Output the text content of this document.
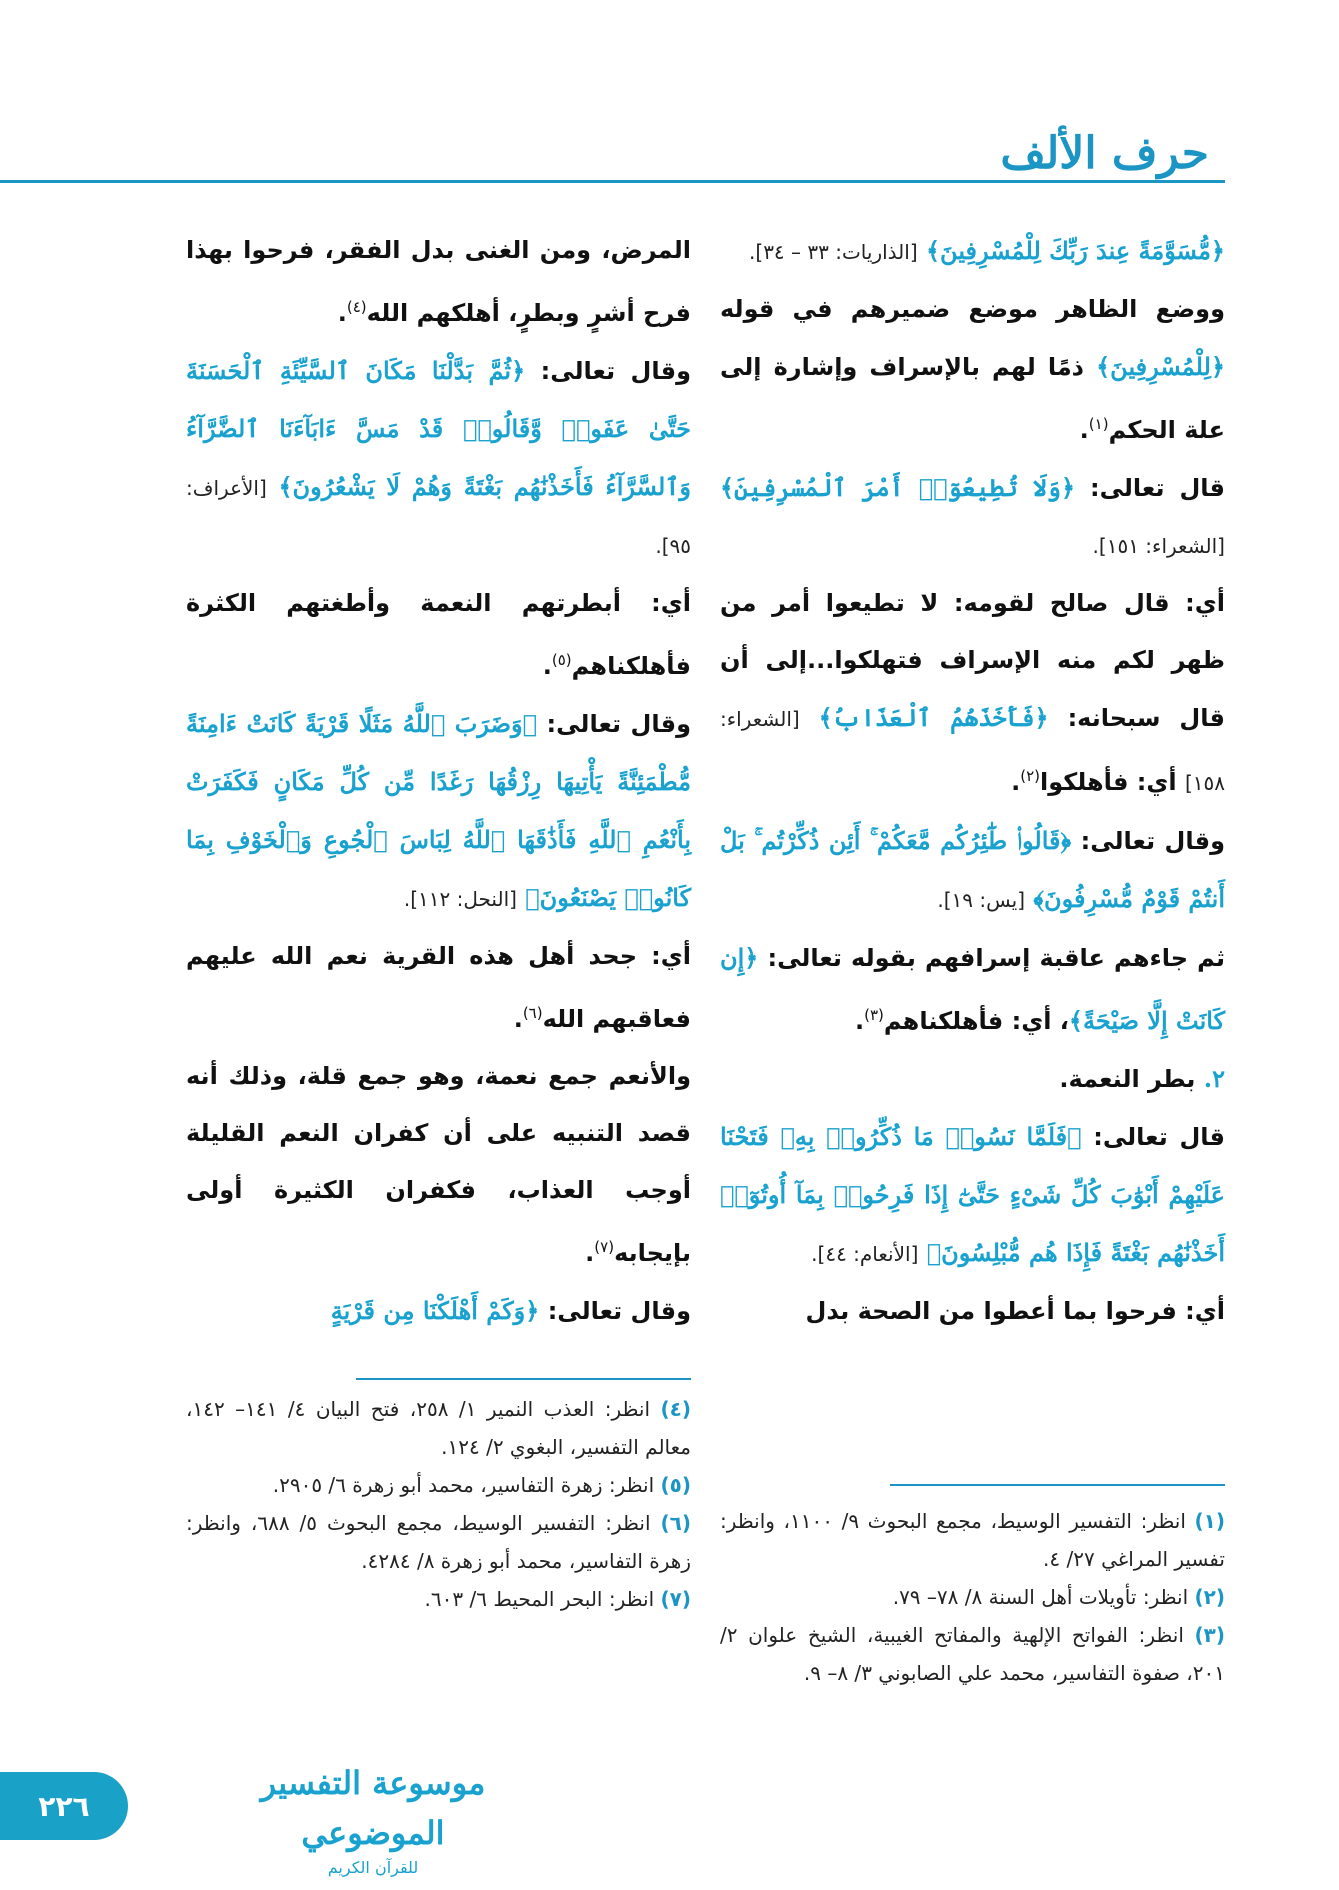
حرف الألف

﴿مُّسَوَّمَةً عِندَ رَبِّكَ لِلْمُسْرِفِينَ﴾ [الذاريات: ٣٣ – ٣٤].

ووضع الظاهر موضع ضميرهم في قوله ﴿لِلْمُسْرِفِينَ﴾ ذمًا لهم بالإسراف وإشارة إلى علة الحكم$^{(١)}$.

قال تعالى: ﴿وَلَا تُطِيعُوٓا۟ أَمْرَ ٱلْمُسْرِفِينَ﴾ [الشعراء: ١٥١].

أي: قال صالح لقومه: لا تطيعوا أمر من ظهر لكم منه الإسراف فتهلكوا...إلى أن قال سبحانه: ﴿فَأَخَذَهُمُ ٱلْعَذَابُ﴾ [الشعراء: ١٥٨] أي: فأهلكوا$^{(٢)}$.

وقال تعالى: ﴿قَالُوا۟ طَٰٓئِرُكُم مَّعَكُمْ ۚ أَئِن ذُكِّرْتُم ۚ بَلْ أَنتُمْ قَوْمٌ مُّسْرِفُونَ﴾ [يس: ١٩].

ثم جاءهم عاقبة إسرافهم بقوله تعالى: ﴿إِن كَانَتْ إِلَّا صَيْحَةً﴾، أي: فأهلكناهم$^{(٣)}$.

٢. بطر النعمة.

قال تعالى: ﴿فَلَمَّا نَسُوا۟ مَا ذُكِّرُوا۟ بِهِۦ فَتَحْنَا عَلَيْهِمْ أَبْوَٰبَ كُلِّ شَىْءٍ حَتَّىٰٓ إِذَا فَرِحُوا۟ بِمَآ أُوتُوٓا۟ أَخَذْنَٰهُم بَغْتَةً فَإِذَا هُم مُّبْلِسُونَ﴾ [الأنعام: ٤٤].

أي: فرحوا بما أعطوا من الصحة بدل

المرض، ومن الغنى بدل الفقر، فرحوا بهذا فرح أشرٍ وبطرٍ، أهلكهم الله$^{(٤)}$.

وقال تعالى: ﴿ثُمَّ بَدَّلْنَا مَكَانَ ٱلسَّيِّئَةِ ٱلْحَسَنَةَ حَتَّىٰ عَفَوا۟ وَّقَالُوا۟ قَدْ مَسَّ ءَابَآءَنَا ٱلضَّرَّآءُ وَٱلسَّرَّآءُ فَأَخَذْنَٰهُم بَغْتَةً وَهُمْ لَا يَشْعُرُونَ﴾ [الأعراف: ٩٥].

أي: أبطرتهم النعمة وأطغتهم الكثرة فأهلكناهم$^{(٥)}$.

وقال تعالى: ﴿وَضَرَبَ ٱللَّهُ مَثَلًا قَرْيَةً كَانَتْ ءَامِنَةً مُّطْمَئِنَّةً يَأْتِيهَا رِزْقُهَا رَغَدًا مِّن كُلِّ مَكَانٍ فَكَفَرَتْ بِأَنْعُمِ ٱللَّهِ فَأَذَٰقَهَا ٱللَّهُ لِبَاسَ ٱلْجُوعِ وَٱلْخَوْفِ بِمَا كَانُوا۟ يَصْنَعُونَ﴾ [النحل: ١١٢].

أي: جحد أهل هذه القرية نعم الله عليهم فعاقبهم الله$^{(٦)}$.

والأنعم جمع نعمة، وهو جمع قلة، وذلك أنه قصد التنبيه على أن كفران النعم القليلة أوجب العذاب، فكفران الكثيرة أولى بإيجابه$^{(٧)}$.

وقال تعالى: ﴿وَكَمْ أَهْلَكْنَا مِن قَرْيَةٍ

(٤) انظر: العذب النمير ١/ ٢٥٨، فتح البيان ٤/ ١٤١– ١٤٢، معالم التفسير، البغوي ٢/ ١٢٤.

(٥) انظر: زهرة التفاسير، محمد أبو زهرة ٦/ ٢٩٠٥.

(٦) انظر: التفسير الوسيط، مجمع البحوث ٥/ ٦٨٨، وانظر: زهرة التفاسير، محمد أبو زهرة ٨/ ٤٢٨٤.

(٧) انظر: البحر المحيط ٦/ ٦٠٣.

(١) انظر: التفسير الوسيط، مجمع البحوث ٩/ ١١٠٠، وانظر: تفسير المراغي ٢٧/ ٤.

(٢) انظر: تأويلات أهل السنة ٨/ ٧٨– ٧٩.

(٣) انظر: الفواتح الإلهية والمفاتح الغيبية، الشيخ علوان ٢/ ٢٠١، صفوة التفاسير، محمد علي الصابوني ٣/ ٨– ٩.

٢٢٦
موسوعة التفسير الموضوعي
للقرآن الكريم
